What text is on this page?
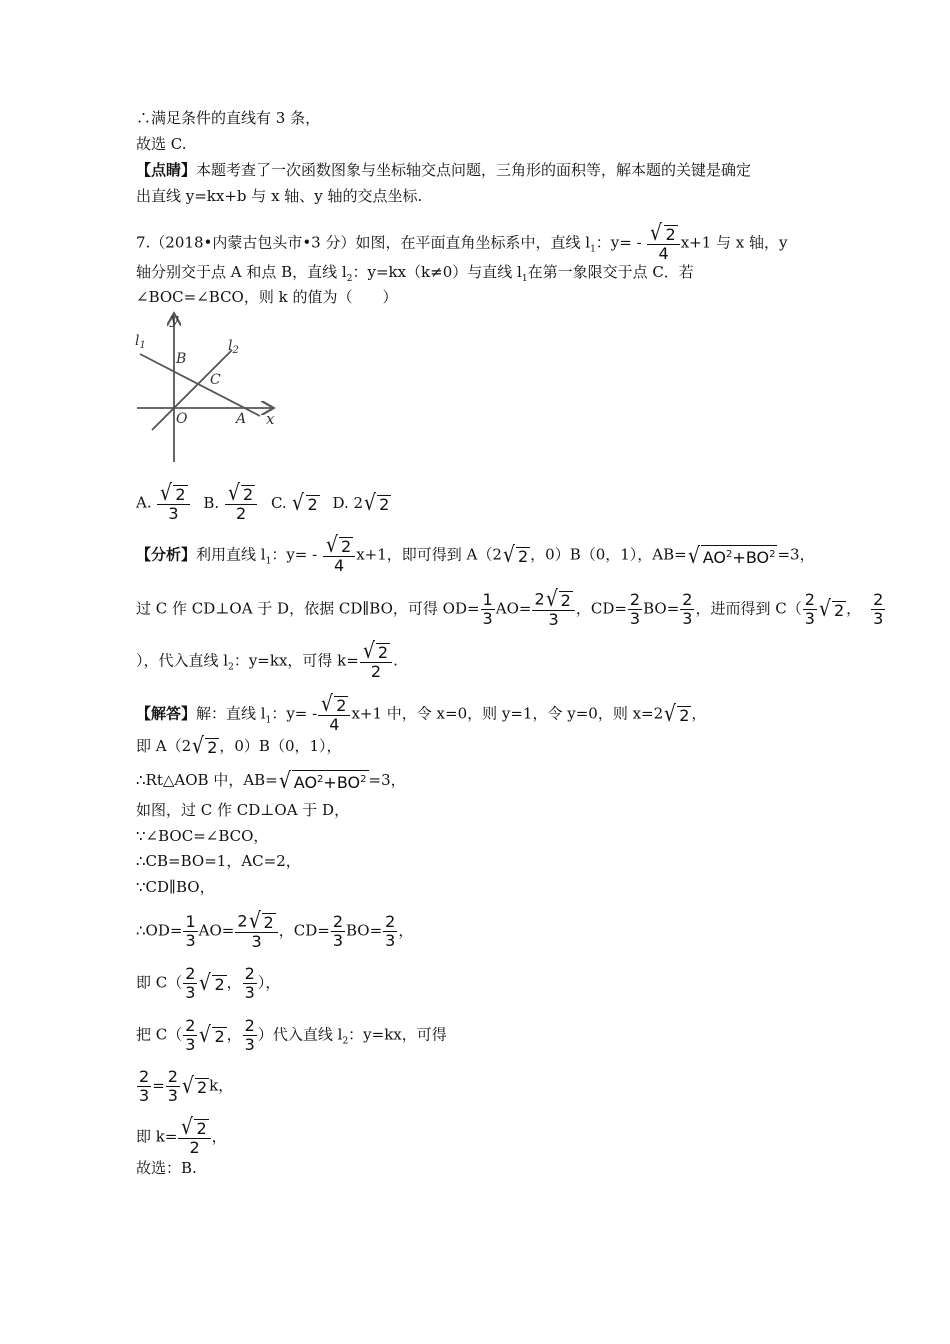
∴满足条件的直线有 3 条，
故选 C.
【点睛】本题考查了一次函数图象与坐标轴交点问题，三角形的面积等，解本题的关键是确定
出直线 y=kx+b 与 x 轴、y 轴的交点坐标.
7.（2018•内蒙古包头市•3 分）如图，在平面直角坐标系中，直线 $l_1$：$y= - \frac{√ 2}{4} x+1$ 与 x 轴，y
轴分别交于点 A 和点 B，直线 $l_2$：y=kx（k≠0）与直线 $l_1$在第一象限交于点 C．若
∠BOC=∠BCO，则 k 的值为（　　）
y
x
O	A
B
C
$l_1$	$l_2$
A. $\frac{√ 2}{3} B$. $\frac{√ 2}{2} C$. √ 2 D. 2 √ 2
【分析】利用直线 $l_1$：$y= - \frac{√ 2}{4} x+1$，即可得到 A（2 √ 2 ，0）B（0，1），AB= √ $AO^2+BO^2 =3$，
过 C 作 CD⊥OA 于 D，依据 CD∥BO，可得 $OD= \frac{1}{3} AO= \frac{2 √ 2}{3}$ ，$CD= \frac{2}{3} BO= \frac{2}{3}$ ，进而得到 $C( \frac{2}{3}$ √ 2 ， $\frac{2}{3}$
），代入直线 $l_2$：y=kx，可得 $k= \frac{√ 2}{2}$ .
【解答】解：直线 $l_1$：$y= - \frac{√ 2}{4} x+1$ 中，令 x=0，则 y=1，令 y=0，则 x=2 √ 2 ，
即 A（2 √ 2 ，0）B（0，1），
∴Rt△AOB 中，AB= √ $AO^2+BO^2 =3$，
如图，过 C 作 CD⊥OA 于 D，
∵∠BOC=∠BCO，
∴CB=BO=1，AC=2，
∵CD∥BO，
∴OD= $\frac{1}{3} AO= \frac{2 √ 2}{3}$ ，$CD= \frac{2}{3} BO= \frac{2}{3}$ ，
即 $C( \frac{2}{3}$ √ 2 ， $\frac{2}{3}$ ），
把 $C( \frac{2}{3}$ √ 2 ， $\frac{2}{3}$ ）代入直线 $l_2$：y=kx，可得
$\frac{2}{3} = \frac{2}{3}$ √ 2 k，
即 $k= \frac{√ 2}{2}$ ，
故选：B.
